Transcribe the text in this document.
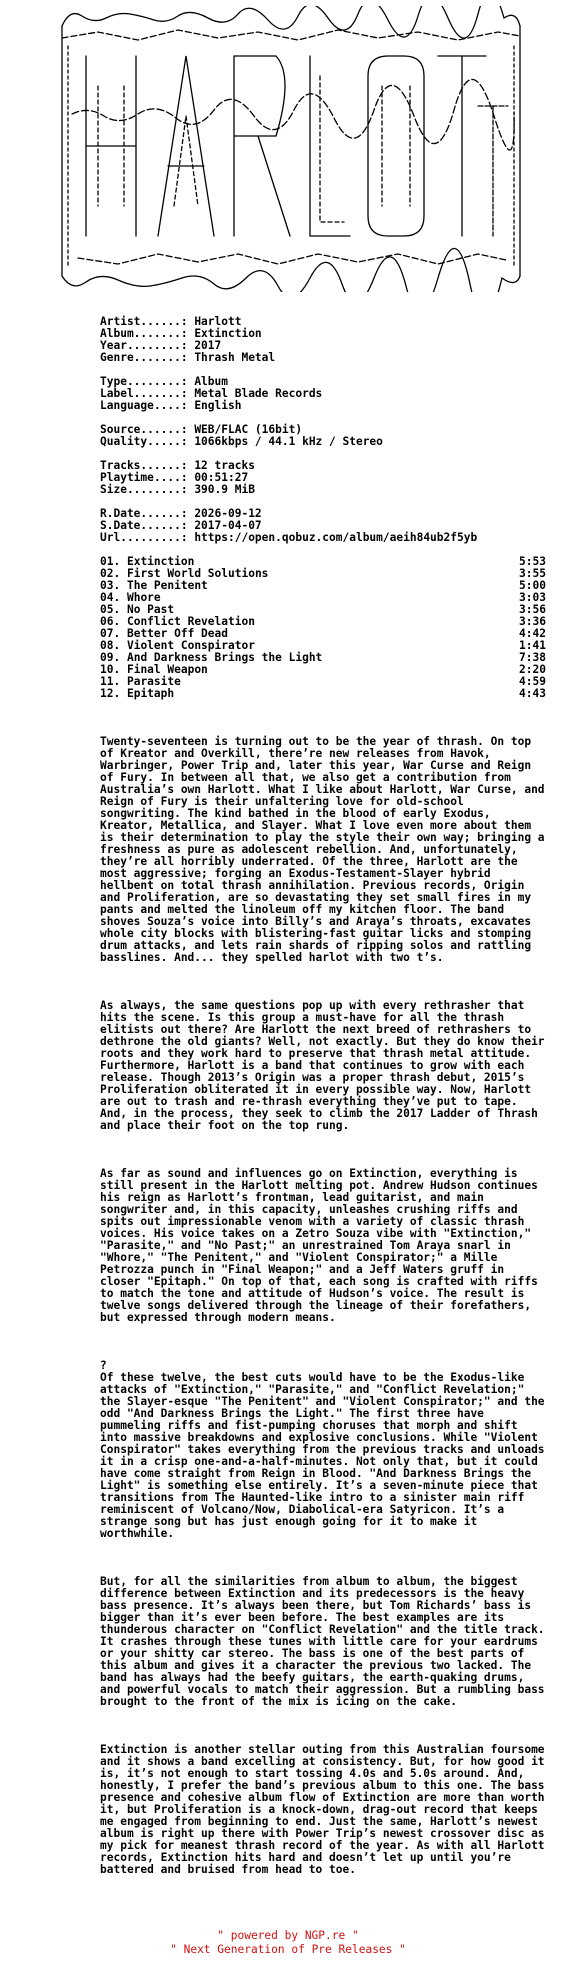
Artist......: Harlott
Album.......: Extinction
Year........: 2017
Genre.......: Thrash Metal
Type........: Album
Label.......: Metal Blade Records
Language....: English
Source......: WEB/FLAC (16bit)
Quality.....: 1066kbps / 44.1 kHz / Stereo
Tracks......: 12 tracks
Playtime....: 00:51:27
Size........: 390.9 MiB
R.Date......: 2026-09-12
S.Date......: 2017-04-07
Url.........: https://open.qobuz.com/album/aeih84ub2f5yb
01. Extinction	5:53
02. First World Solutions	3:55
03. The Penitent	5:00
04. Whore	3:03
05. No Past	3:56
06. Conflict Revelation	3:36
07. Better Off Dead	4:42
08. Violent Conspirator	1:41
09. And Darkness Brings the Light	7:38
10. Final Weapon	2:20
11. Parasite	4:59
12. Epitaph	4:43

Twenty-seventeen is turning out to be the year of thrash. On top of Kreator and Overkill, there’re new releases from Havok, Warbringer, Power Trip and, later this year, War Curse and Reign of Fury. In between all that, we also get a contribution from Australia’s own Harlott. What I like about Harlott, War Curse, and Reign of Fury is their unfaltering love for old-school songwriting. The kind bathed in the blood of early Exodus, Kreator, Metallica, and Slayer. What I love even more about them is their determination to play the style their own way; bringing a freshness as pure as adolescent rebellion. And, unfortunately, they’re all horribly underrated. Of the three, Harlott are the most aggressive; forging an Exodus-Testament-Slayer hybrid hellbent on total thrash annihilation. Previous records, Origin and Proliferation, are so devastating they set small fires in my pants and melted the linoleum off my kitchen floor. The band shoves Souza’s voice into Billy’s and Araya’s throats, excavates whole city blocks with blistering-fast guitar licks and stomping drum attacks, and lets rain shards of ripping solos and rattling basslines. And... they spelled harlot with two t’s.

As always, the same questions pop up with every rethrasher that hits the scene. Is this group a must-have for all the thrash elitists out there? Are Harlott the next breed of rethrashers to dethrone the old giants? Well, not exactly. But they do know their roots and they work hard to preserve that thrash metal attitude. Furthermore, Harlott is a band that continues to grow with each release. Though 2013’s Origin was a proper thrash debut, 2015’s Proliferation obliterated it in every possible way. Now, Harlott are out to trash and re-thrash everything they’ve put to tape. And, in the process, they seek to climb the 2017 Ladder of Thrash and place their foot on the top rung.

As far as sound and influences go on Extinction, everything is still present in the Harlott melting pot. Andrew Hudson continues his reign as Harlott’s frontman, lead guitarist, and main songwriter and, in this capacity, unleashes crushing riffs and spits out impressionable venom with a variety of classic thrash voices. His voice takes on a Zetro Souza vibe with "Extinction," "Parasite," and "No Past;" an unrestrained Tom Araya snarl in "Whore," "The Penitent," and "Violent Conspirator;" a Mille Petrozza punch in "Final Weapon;" and a Jeff Waters gruff in closer "Epitaph." On top of that, each song is crafted with riffs to match the tone and attitude of Hudson’s voice. The result is twelve songs delivered through the lineage of their forefathers, but expressed through modern means.

?
Of these twelve, the best cuts would have to be the Exodus-like attacks of "Extinction," "Parasite," and "Conflict Revelation;" the Slayer-esque "The Penitent" and "Violent Conspirator;" and the odd "And Darkness Brings the Light." The first three have pummeling riffs and fist-pumping choruses that morph and shift into massive breakdowns and explosive conclusions. While "Violent Conspirator" takes everything from the previous tracks and unloads it in a crisp one-and-a-half-minutes. Not only that, but it could have come straight from Reign in Blood. "And Darkness Brings the Light" is something else entirely. It’s a seven-minute piece that transitions from The Haunted-like intro to a sinister main riff reminiscent of Volcano/Now, Diabolical-era Satyricon. It’s a strange song but has just enough going for it to make it worthwhile.

But, for all the similarities from album to album, the biggest difference between Extinction and its predecessors is the heavy bass presence. It’s always been there, but Tom Richards’ bass is bigger than it’s ever been before. The best examples are its thunderous character on "Conflict Revelation" and the title track. It crashes through these tunes with little care for your eardrums or your shitty car stereo. The bass is one of the best parts of this album and gives it a character the previous two lacked. The band has always had the beefy guitars, the earth-quaking drums, and powerful vocals to match their aggression. But a rumbling bass brought to the front of the mix is icing on the cake.

Extinction is another stellar outing from this Australian foursome and it shows a band excelling at consistency. But, for how good it is, it’s not enough to start tossing 4.0s and 5.0s around. And, honestly, I prefer the band’s previous album to this one. The bass presence and cohesive album flow of Extinction are more than worth it, but Proliferation is a knock-down, drag-out record that keeps me engaged from beginning to end. Just the same, Harlott’s newest album is right up there with Power Trip’s newest crossover disc as my pick for meanest thrash record of the year. As with all Harlott records, Extinction hits hard and doesn’t let up until you’re battered and bruised from head to toe.

" powered by NGP.re "
" Next Generation of Pre Releases "
